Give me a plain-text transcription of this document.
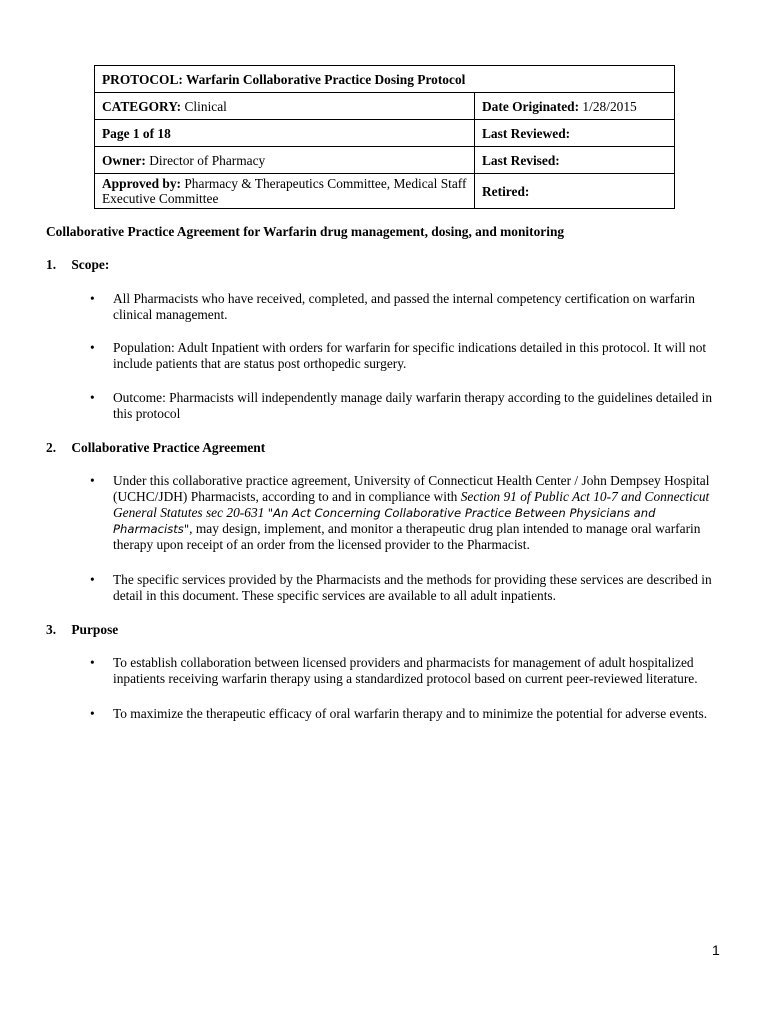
PROTOCOL: Warfarin Collaborative Practice Dosing Protocol	
CATEGORY: Clinical	Date Originated: 1/28/2015
Page 1 of 18	Last Reviewed:
Owner: Director of Pharmacy	Last Revised:
Approved by: Pharmacy & Therapeutics Committee, Medical Staff Executive Committee	Retired:
Collaborative Practice Agreement for Warfarin drug management, dosing, and monitoring
1. Scope:
• All Pharmacists who have received, completed, and passed the internal competency certification on warfarin clinical management.
• Population: Adult Inpatient with orders for warfarin for specific indications detailed in this protocol. It will not include patients that are status post orthopedic surgery.
• Outcome: Pharmacists will independently manage daily warfarin therapy according to the guidelines detailed in this protocol
2. Collaborative Practice Agreement
• Under this collaborative practice agreement, University of Connecticut Health Center / John Dempsey Hospital (UCHC/JDH) Pharmacists, according to and in compliance with Section 91 of Public Act 10-7 and Connecticut General Statutes sec 20-631 "An Act Concerning Collaborative Practice Between Physicians and Pharmacists", may design, implement, and monitor a therapeutic drug plan intended to manage oral warfarin therapy upon receipt of an order from the licensed provider to the Pharmacist.
• The specific services provided by the Pharmacists and the methods for providing these services are described in detail in this document. These specific services are available to all adult inpatients.
3. Purpose
• To establish collaboration between licensed providers and pharmacists for management of adult hospitalized inpatients receiving warfarin therapy using a standardized protocol based on current peer-reviewed literature.
• To maximize the therapeutic efficacy of oral warfarin therapy and to minimize the potential for adverse events.
1
